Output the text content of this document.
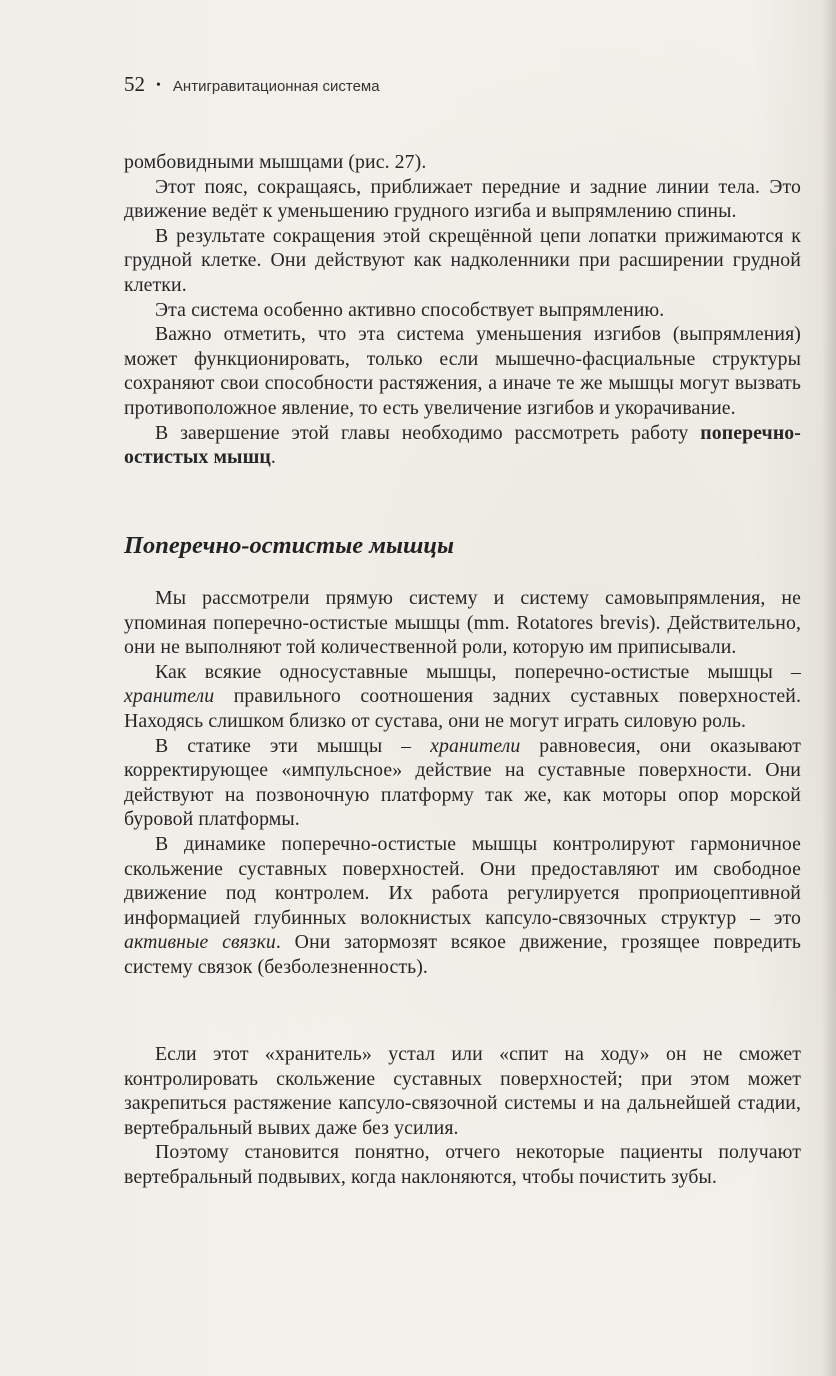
52 • Антигравитационная система

ромбовидными мышцами (рис. 27).

Этот пояс, сокращаясь, приближает передние и задние линии тела. Это движение ведёт к уменьшению грудного изгиба и выпрямлению спины.

В результате сокращения этой скрещённой цепи лопатки прижимаются к грудной клетке. Они действуют как надколенники при расширении грудной клетки.

Эта система особенно активно способствует выпрямлению.

Важно отметить, что эта система уменьшения изгибов (выпрямления) может функционировать, только если мышечно-фасциальные структуры сохраняют свои способности растяжения, а иначе те же мышцы могут вызвать противоположное явление, то есть увеличение изгибов и укорачивание.

В завершение этой главы необходимо рассмотреть работу поперечно-остистых мышц.

Поперечно-остистые мышцы

Мы рассмотрели прямую систему и систему самовыпрямления, не упоминая поперечно-остистые мышцы (mm. Rotatores brevis). Действительно, они не выполняют той количественной роли, которую им приписывали.

Как всякие односуставные мышцы, поперечно-остистые мышцы – хранители правильного соотношения задних суставных поверхностей. Находясь слишком близко от сустава, они не могут играть силовую роль.

В статике эти мышцы – хранители равновесия, они оказывают корректирующее «импульсное» действие на суставные поверхности. Они действуют на позвоночную платформу так же, как моторы опор морской буровой платформы.

В динамике поперечно-остистые мышцы контролируют гармоничное скольжение суставных поверхностей. Они предоставляют им свободное движение под контролем. Их работа регулируется проприоцептивной информацией глубинных волокнистых капсуло-связочных структур – это активные связки. Они затормозят всякое движение, грозящее повредить систему связок (безболезненность).

Если этот «хранитель» устал или «спит на ходу» он не сможет контролировать скольжение суставных поверхностей; при этом может закрепиться растяжение капсуло-связочной системы и на дальнейшей стадии, вертебральный вывих даже без усилия.

Поэтому становится понятно, отчего некоторые пациенты получают вертебральный подвывих, когда наклоняются, чтобы почистить зубы.
